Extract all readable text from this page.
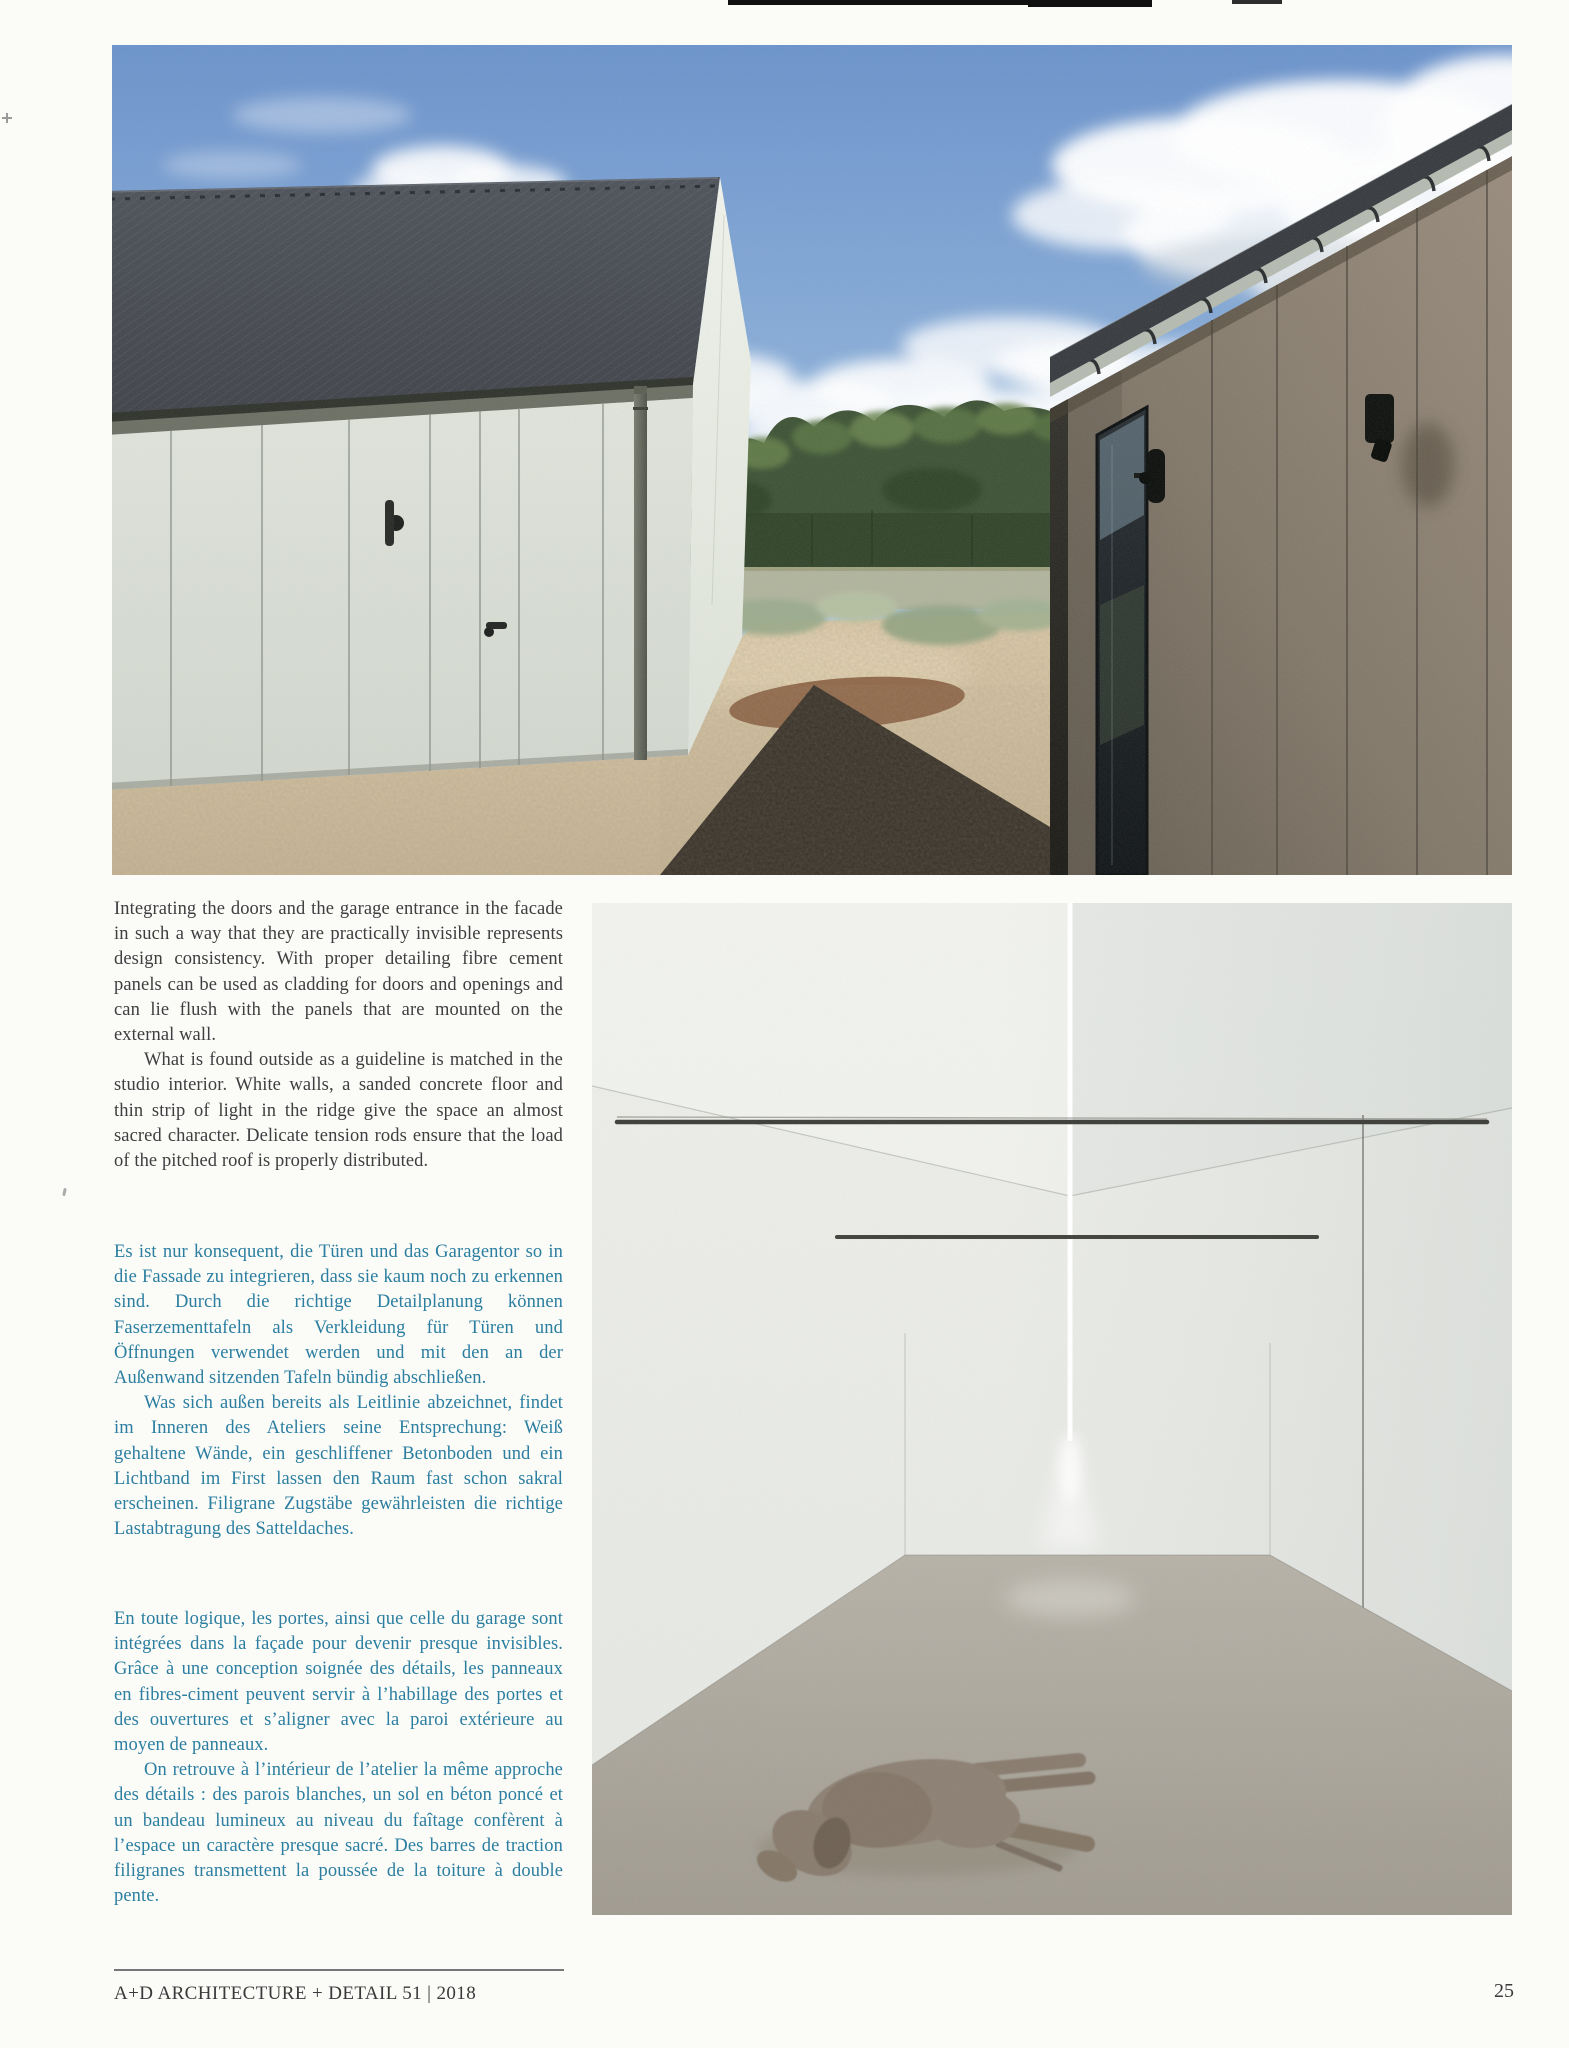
Integrating the doors and the garage entrance in the facade in such a way that they are practically invisible represents design consistency. With proper detailing fibre cement panels can be used as cladding for doors and openings and can lie flush with the panels that are mounted on the external wall.

What is found outside as a guideline is matched in the studio interior. White walls, a sanded concrete floor and thin strip of light in the ridge give the space an almost sacred character. Delicate tension rods ensure that the load of the pitched roof is properly distributed.

Es ist nur konsequent, die Türen und das Garagentor so in die Fassade zu integrieren, dass sie kaum noch zu erkennen sind. Durch die richtige Detailplanung können Faserzementtafeln als Verkleidung für Türen und Öffnungen verwendet werden und mit den an der Außenwand sitzenden Tafeln bündig abschließen.

Was sich außen bereits als Leitlinie abzeichnet, findet im Inneren des Ateliers seine Entsprechung: Weiß gehaltene Wände, ein geschliffener Betonboden und ein Lichtband im First lassen den Raum fast schon sakral erscheinen. Filigrane Zugstäbe gewährleisten die richtige Lastabtragung des Satteldaches.

En toute logique, les portes, ainsi que celle du garage sont intégrées dans la façade pour devenir presque invisibles. Grâce à une conception soignée des détails, les panneaux en fibres-ciment peuvent servir à l’habillage des portes et des ouvertures et s’aligner avec la paroi extérieure au moyen de panneaux.

On retrouve à l’intérieur de l’atelier la même approche des détails : des parois blanches, un sol en béton poncé et un bandeau lumineux au niveau du faîtage confèrent à l’espace un caractère presque sacré. Des barres de traction filigranes transmettent la poussée de la toiture à double pente.

A+D ARCHITECTURE + DETAIL 51 | 2018	25
